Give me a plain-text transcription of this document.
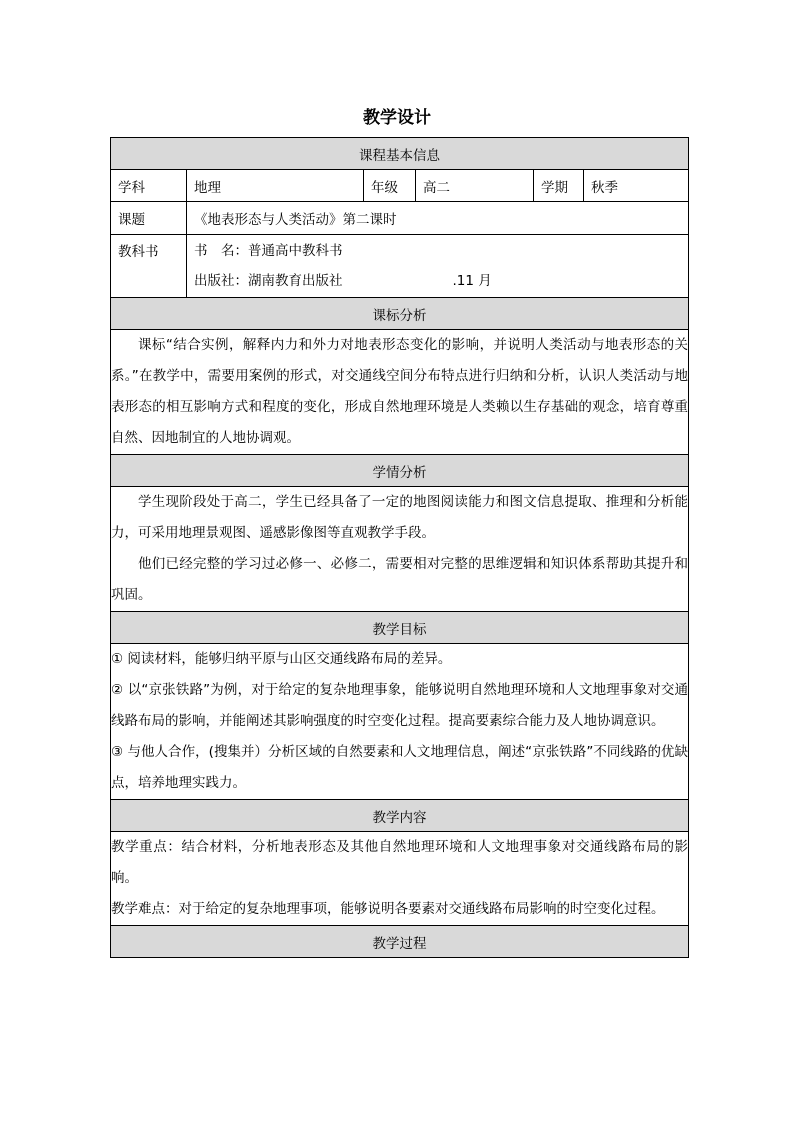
教学设计
课程基本信息					
学科	地理	年级	高二	学期	秋季
课题	《地表形态与人类活动》第二课时				
教科书	书　名：普通高中教科书
出版社：湖南教育出版社 .11 月				

课标分析					

课标“结合实例，解释内力和外力对地表形态变化的影响，并说明人类活动与地表形态的关系。”在教学中，需要用案例的形式，对交通线空间分布特点进行归纳和分析，认识人类活动与地表形态的相互影响方式和程度的变化，形成自然地理环境是人类赖以生存基础的观念，培育尊重自然、因地制宜的人地协调观。					

学情分析					

学生现阶段处于高二，学生已经具备了一定的地图阅读能力和图文信息提取、推理和分析能力，可采用地理景观图、遥感影像图等直观教学手段。

他们已经完整的学习过必修一、必修二，需要相对完整的思维逻辑和知识体系帮助其提升和巩固。					

教学目标					

① 阅读材料，能够归纳平原与山区交通线路布局的差异。

② 以“京张铁路”为例，对于给定的复杂地理事象，能够说明自然地理环境和人文地理事象对交通线路布局的影响，并能阐述其影响强度的时空变化过程。提高要素综合能力及人地协调意识。

③ 与他人合作，(搜集并）分析区域的自然要素和人文地理信息，阐述“京张铁路”不同线路的优缺点，培养地理实践力。					

教学内容					

教学重点：结合材料，分析地表形态及其他自然地理环境和人文地理事象对交通线路布局的影响。

教学难点：对于给定的复杂地理事项，能够说明各要素对交通线路布局影响的时空变化过程。					

教学过程					
